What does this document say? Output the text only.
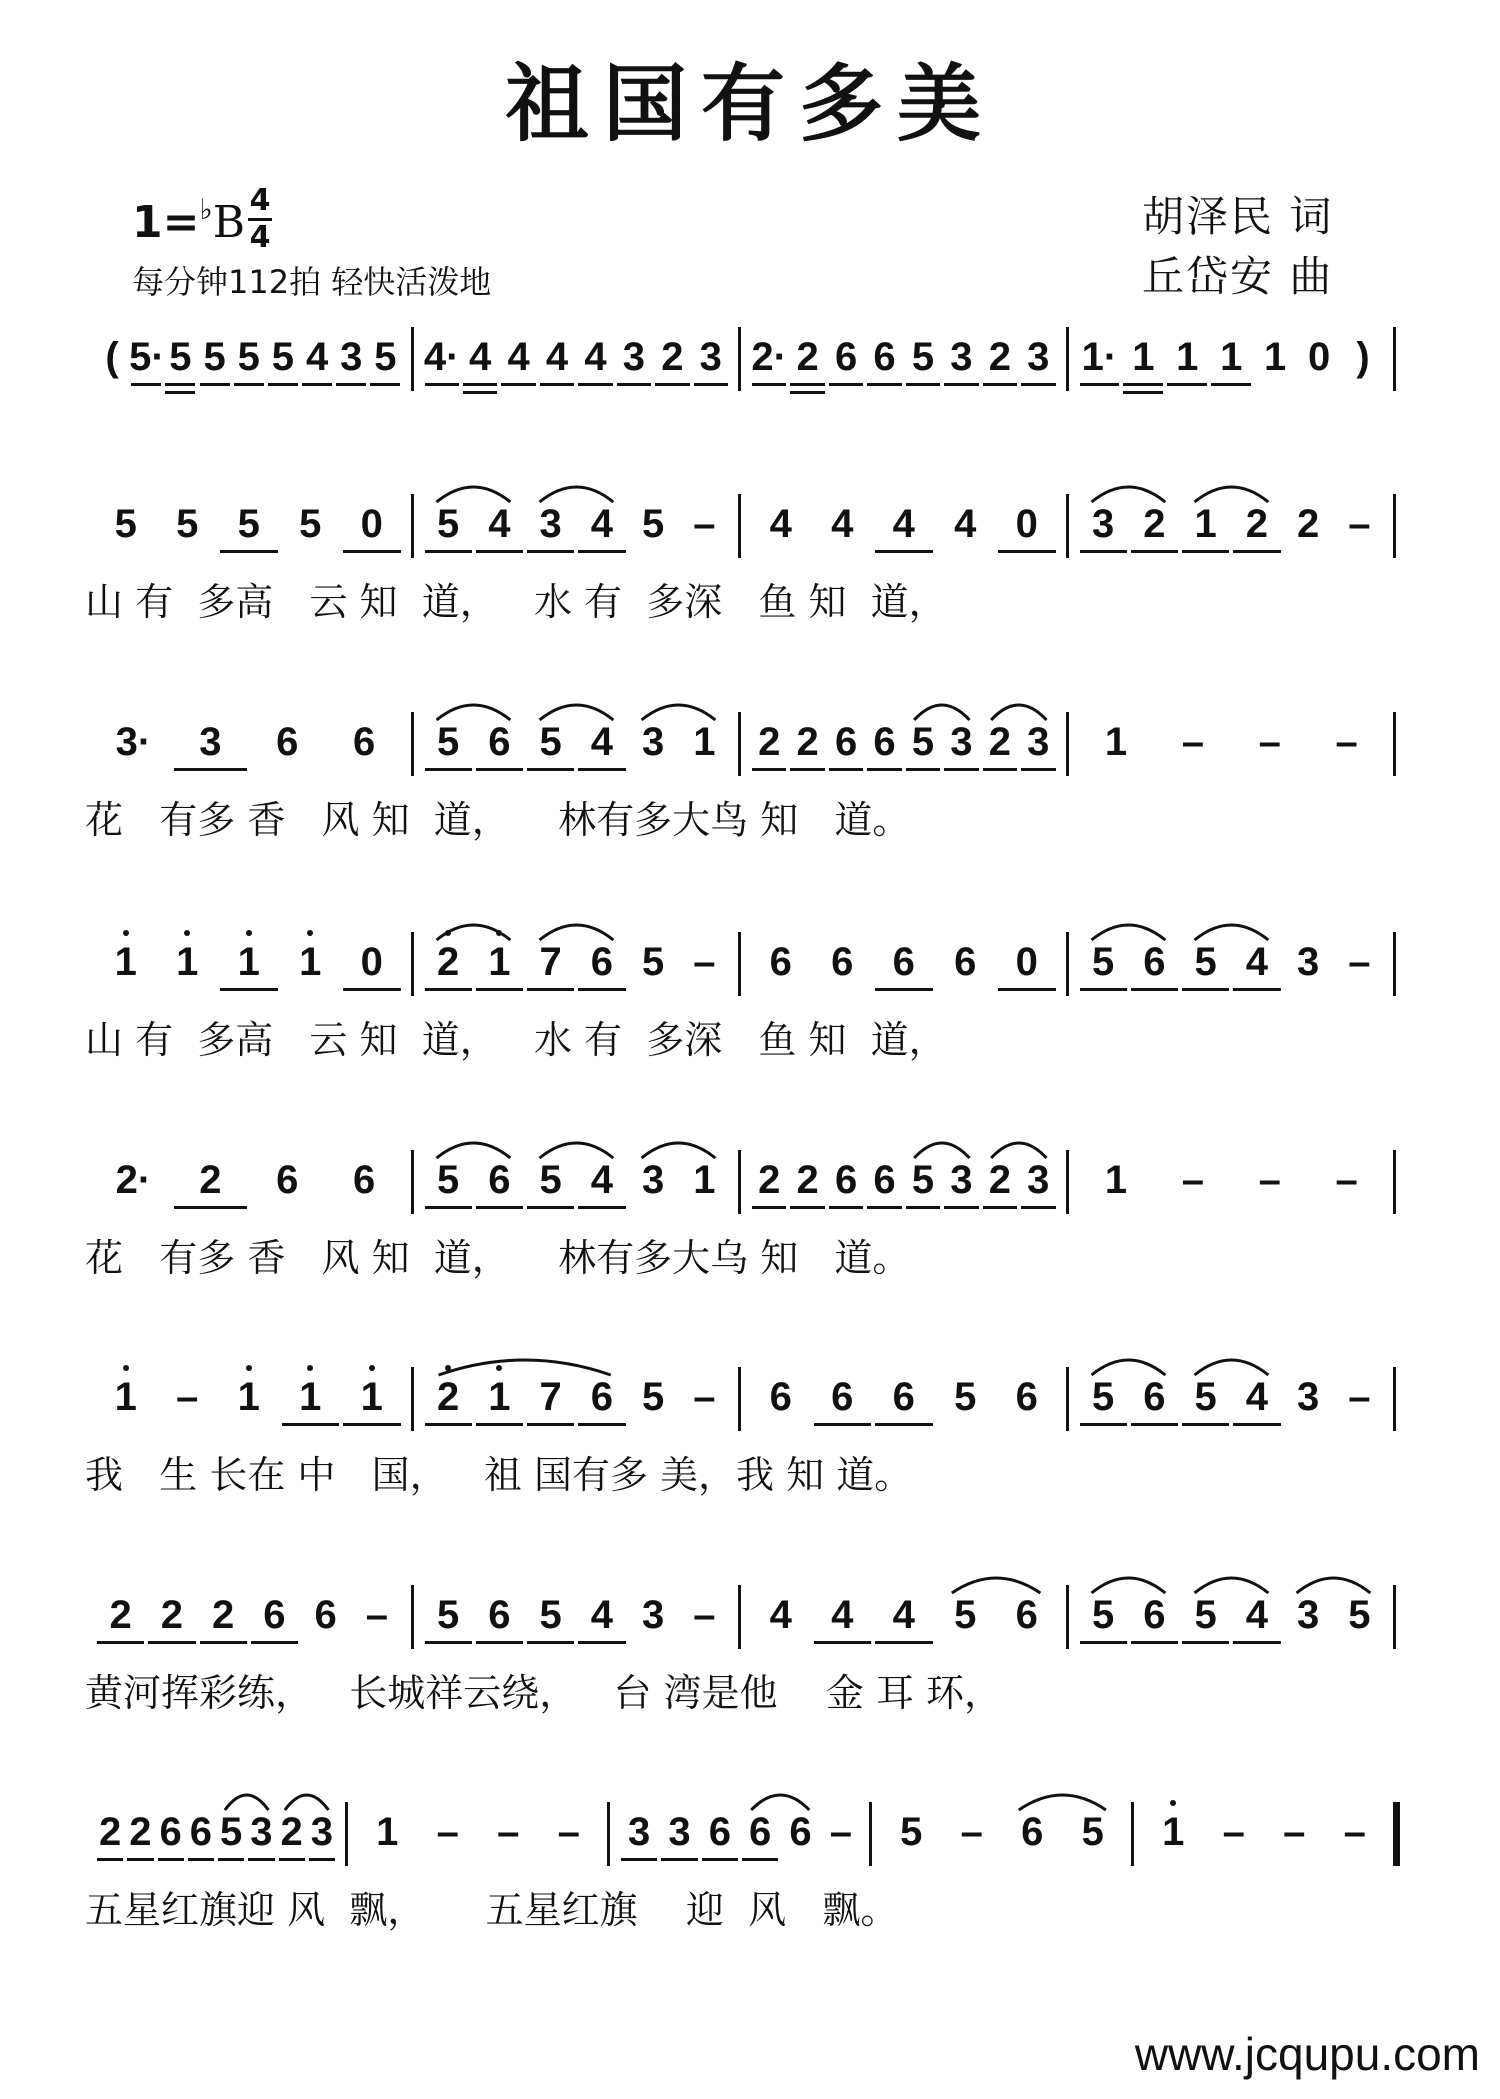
祖国有多美
1=♭B 4
4
每分钟112拍 轻快活泼地
胡泽民 词
丘岱安 曲
( 5· 5 5 5 5 4 3 5 4· 4 4 4 4 3 2 3 2· 2 6 6 5 3 2 3 1· 1 1 1 1 0 )
5 5 5 5 0	5 4 3 4 5 –	4 4 4 4 0	3 2 1 2 2 –
山 有  多高   云 知  道，   水 有  多深   鱼 知  道，
3·	3	6	6	5 6 5 4 3 1	2 2 6 6 5 3 2 3	1	–	–	–
花   有多 香   风 知  道，    林有多大鸟 知   道。
1 1 1 1 0	2 1 7 6 5 –	6 6 6 6 0	5 6 5 4 3 –
山 有  多高   云 知  道，   水 有  多深   鱼 知  道，
2·	2	6	6	5 6 5 4 3 1	2 2 6 6 5 3 2 3	1	–	–	–
花   有多 香   风 知  道，    林有多大乌 知   道。
1 – 1 1 1	2 1 7 6 5 –	6 6 6 5 6	5 6 5 4 3 –
我   生 长在 中   国，   祖 国有多 美，我 知 道。
2 2 2 6 6 –	5 6 5 4 3 –	4 4 4 5 6	5 6 5 4 3 5
黄河挥彩练，   长城祥云绕，   台 湾是他    金 耳 环，
2 2 6 6 5 3 2 3	1 – – –	3 3 6 6 6 –	5 – 6 5	1 – – –
五星红旗迎 风  飘，     五星红旗    迎  风   飘。
www.jcqupu.com
